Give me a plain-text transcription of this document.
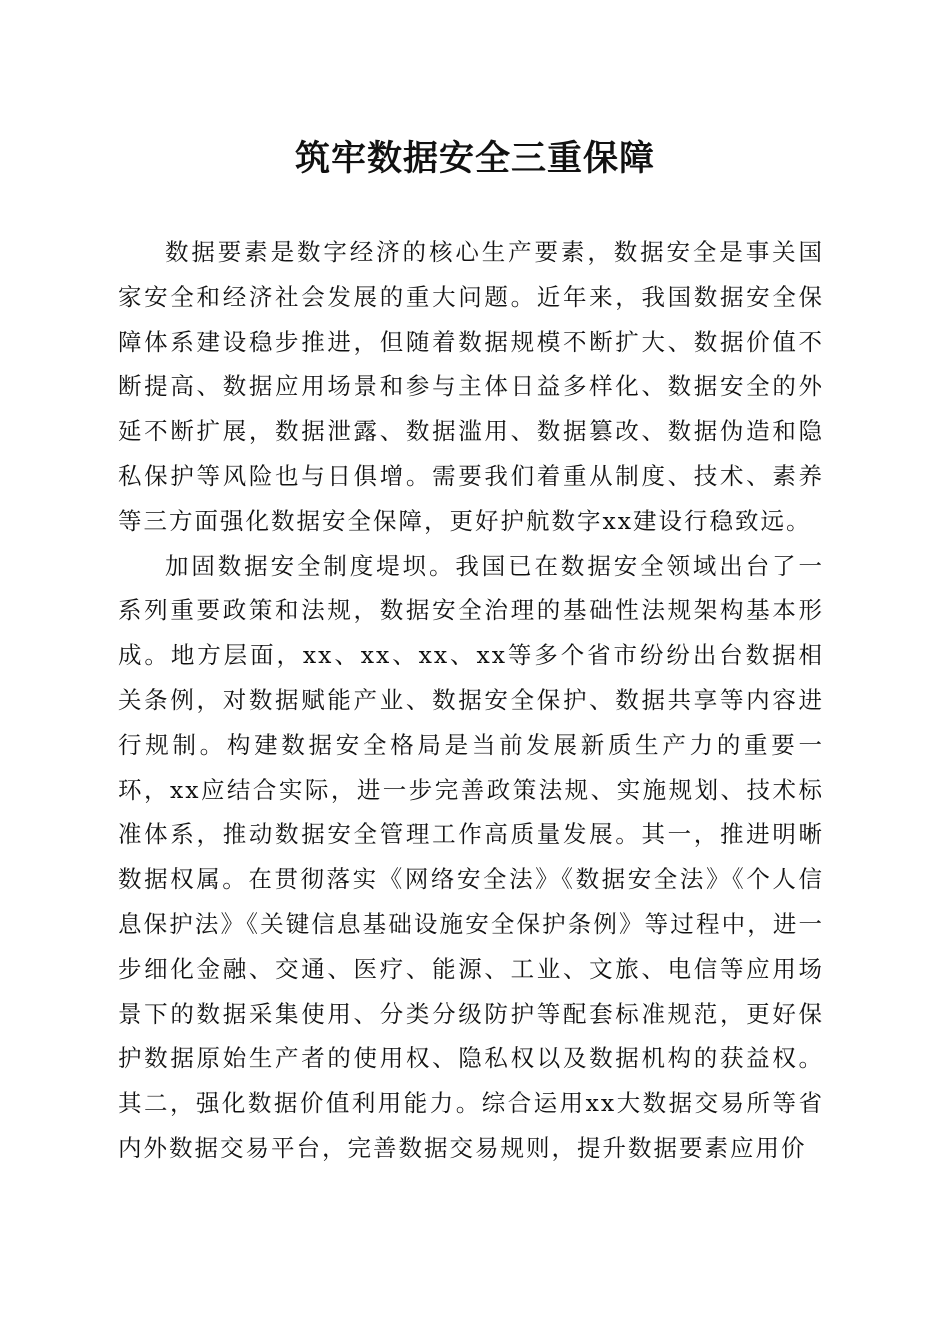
筑牢数据安全三重保障

数据要素是数字经济的核心生产要素，数据安全是事关国家安全和经济社会发展的重大问题。近年来，我国数据安全保障体系建设稳步推进，但随着数据规模不断扩大、数据价值不断提高、数据应用场景和参与主体日益多样化、数据安全的外延不断扩展，数据泄露、数据滥用、数据篡改、数据伪造和隐私保护等风险也与日俱增。需要我们着重从制度、技术、素养等三方面强化数据安全保障，更好护航数字xx建设行稳致远。

加固数据安全制度堤坝。我国已在数据安全领域出台了一系列重要政策和法规，数据安全治理的基础性法规架构基本形成。地方层面，xx、xx、xx、xx等多个省市纷纷出台数据相关条例，对数据赋能产业、数据安全保护、数据共享等内容进行规制。构建数据安全格局是当前发展新质生产力的重要一环，xx应结合实际，进一步完善政策法规、实施规划、技术标准体系，推动数据安全管理工作高质量发展。其一，推进明晰数据权属。在贯彻落实《网络安全法》《数据安全法》《个人信息保护法》《关键信息基础设施安全保护条例》等过程中，进一步细化金融、交通、医疗、能源、工业、文旅、电信等应用场景下的数据采集使用、分类分级防护等配套标准规范，更好保护数据原始生产者的使用权、隐私权以及数据机构的获益权。其二，强化数据价值利用能力。综合运用xx大数据交易所等省内外数据交易平台，完善数据交易规则，提升数据要素应用价
